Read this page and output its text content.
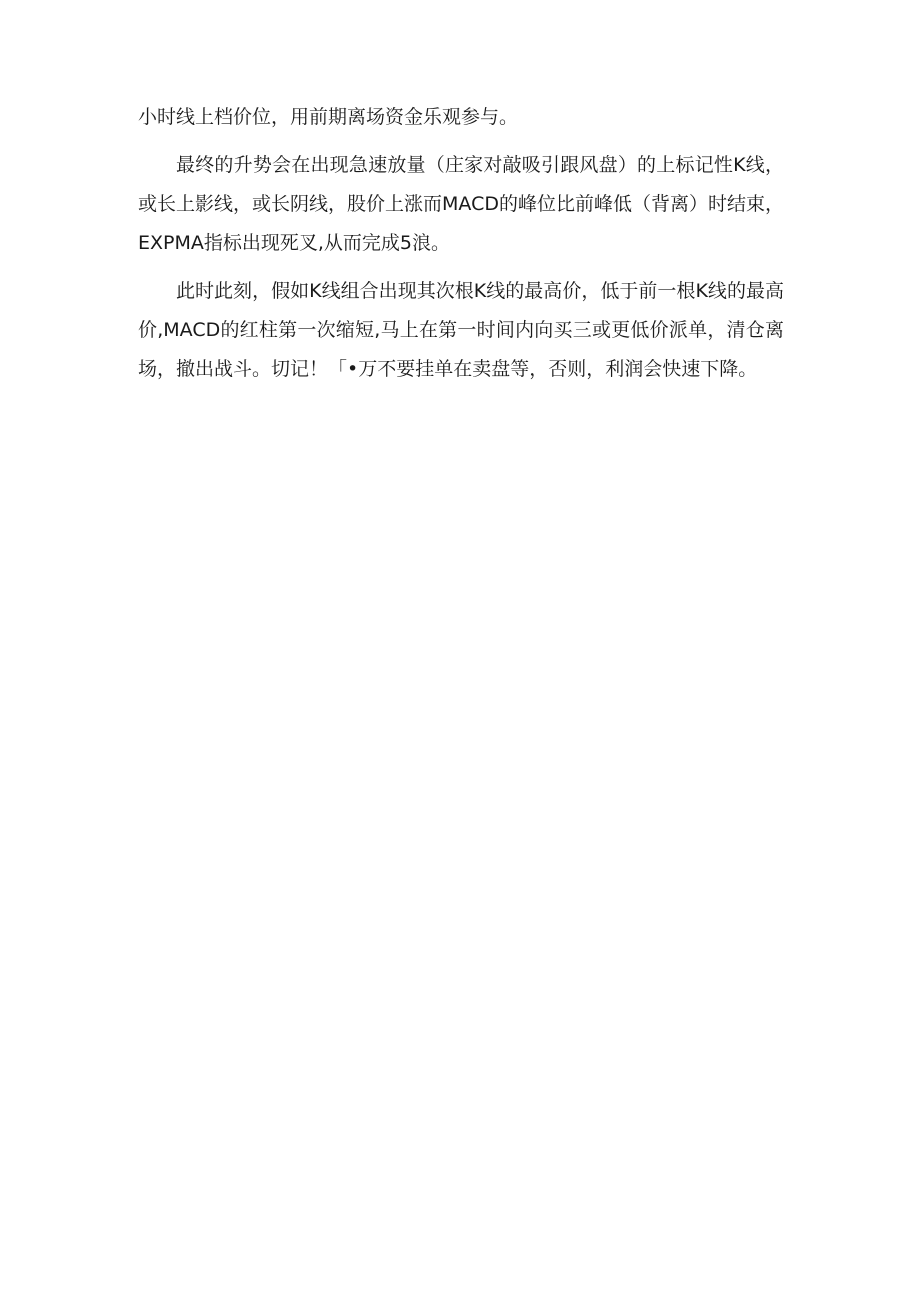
小时线上档价位，用前期离场资金乐观参与。

最终的升势会在出现急速放量（庄家对敲吸引跟风盘）的上标记性K线，或长上影线，或长阴线，股价上涨而MACD的峰位比前峰低（背离）时结束，EXPMA指标出现死叉,从而完成5浪。

此时此刻，假如K线组合出现其次根K线的最高价，低于前一根K线的最高价,MACD的红柱第一次缩短,马上在第一时间内向买三或更低价派单，清仓离场，撤出战斗。切记！「•万不要挂单在卖盘等，否则，利润会快速下降。
